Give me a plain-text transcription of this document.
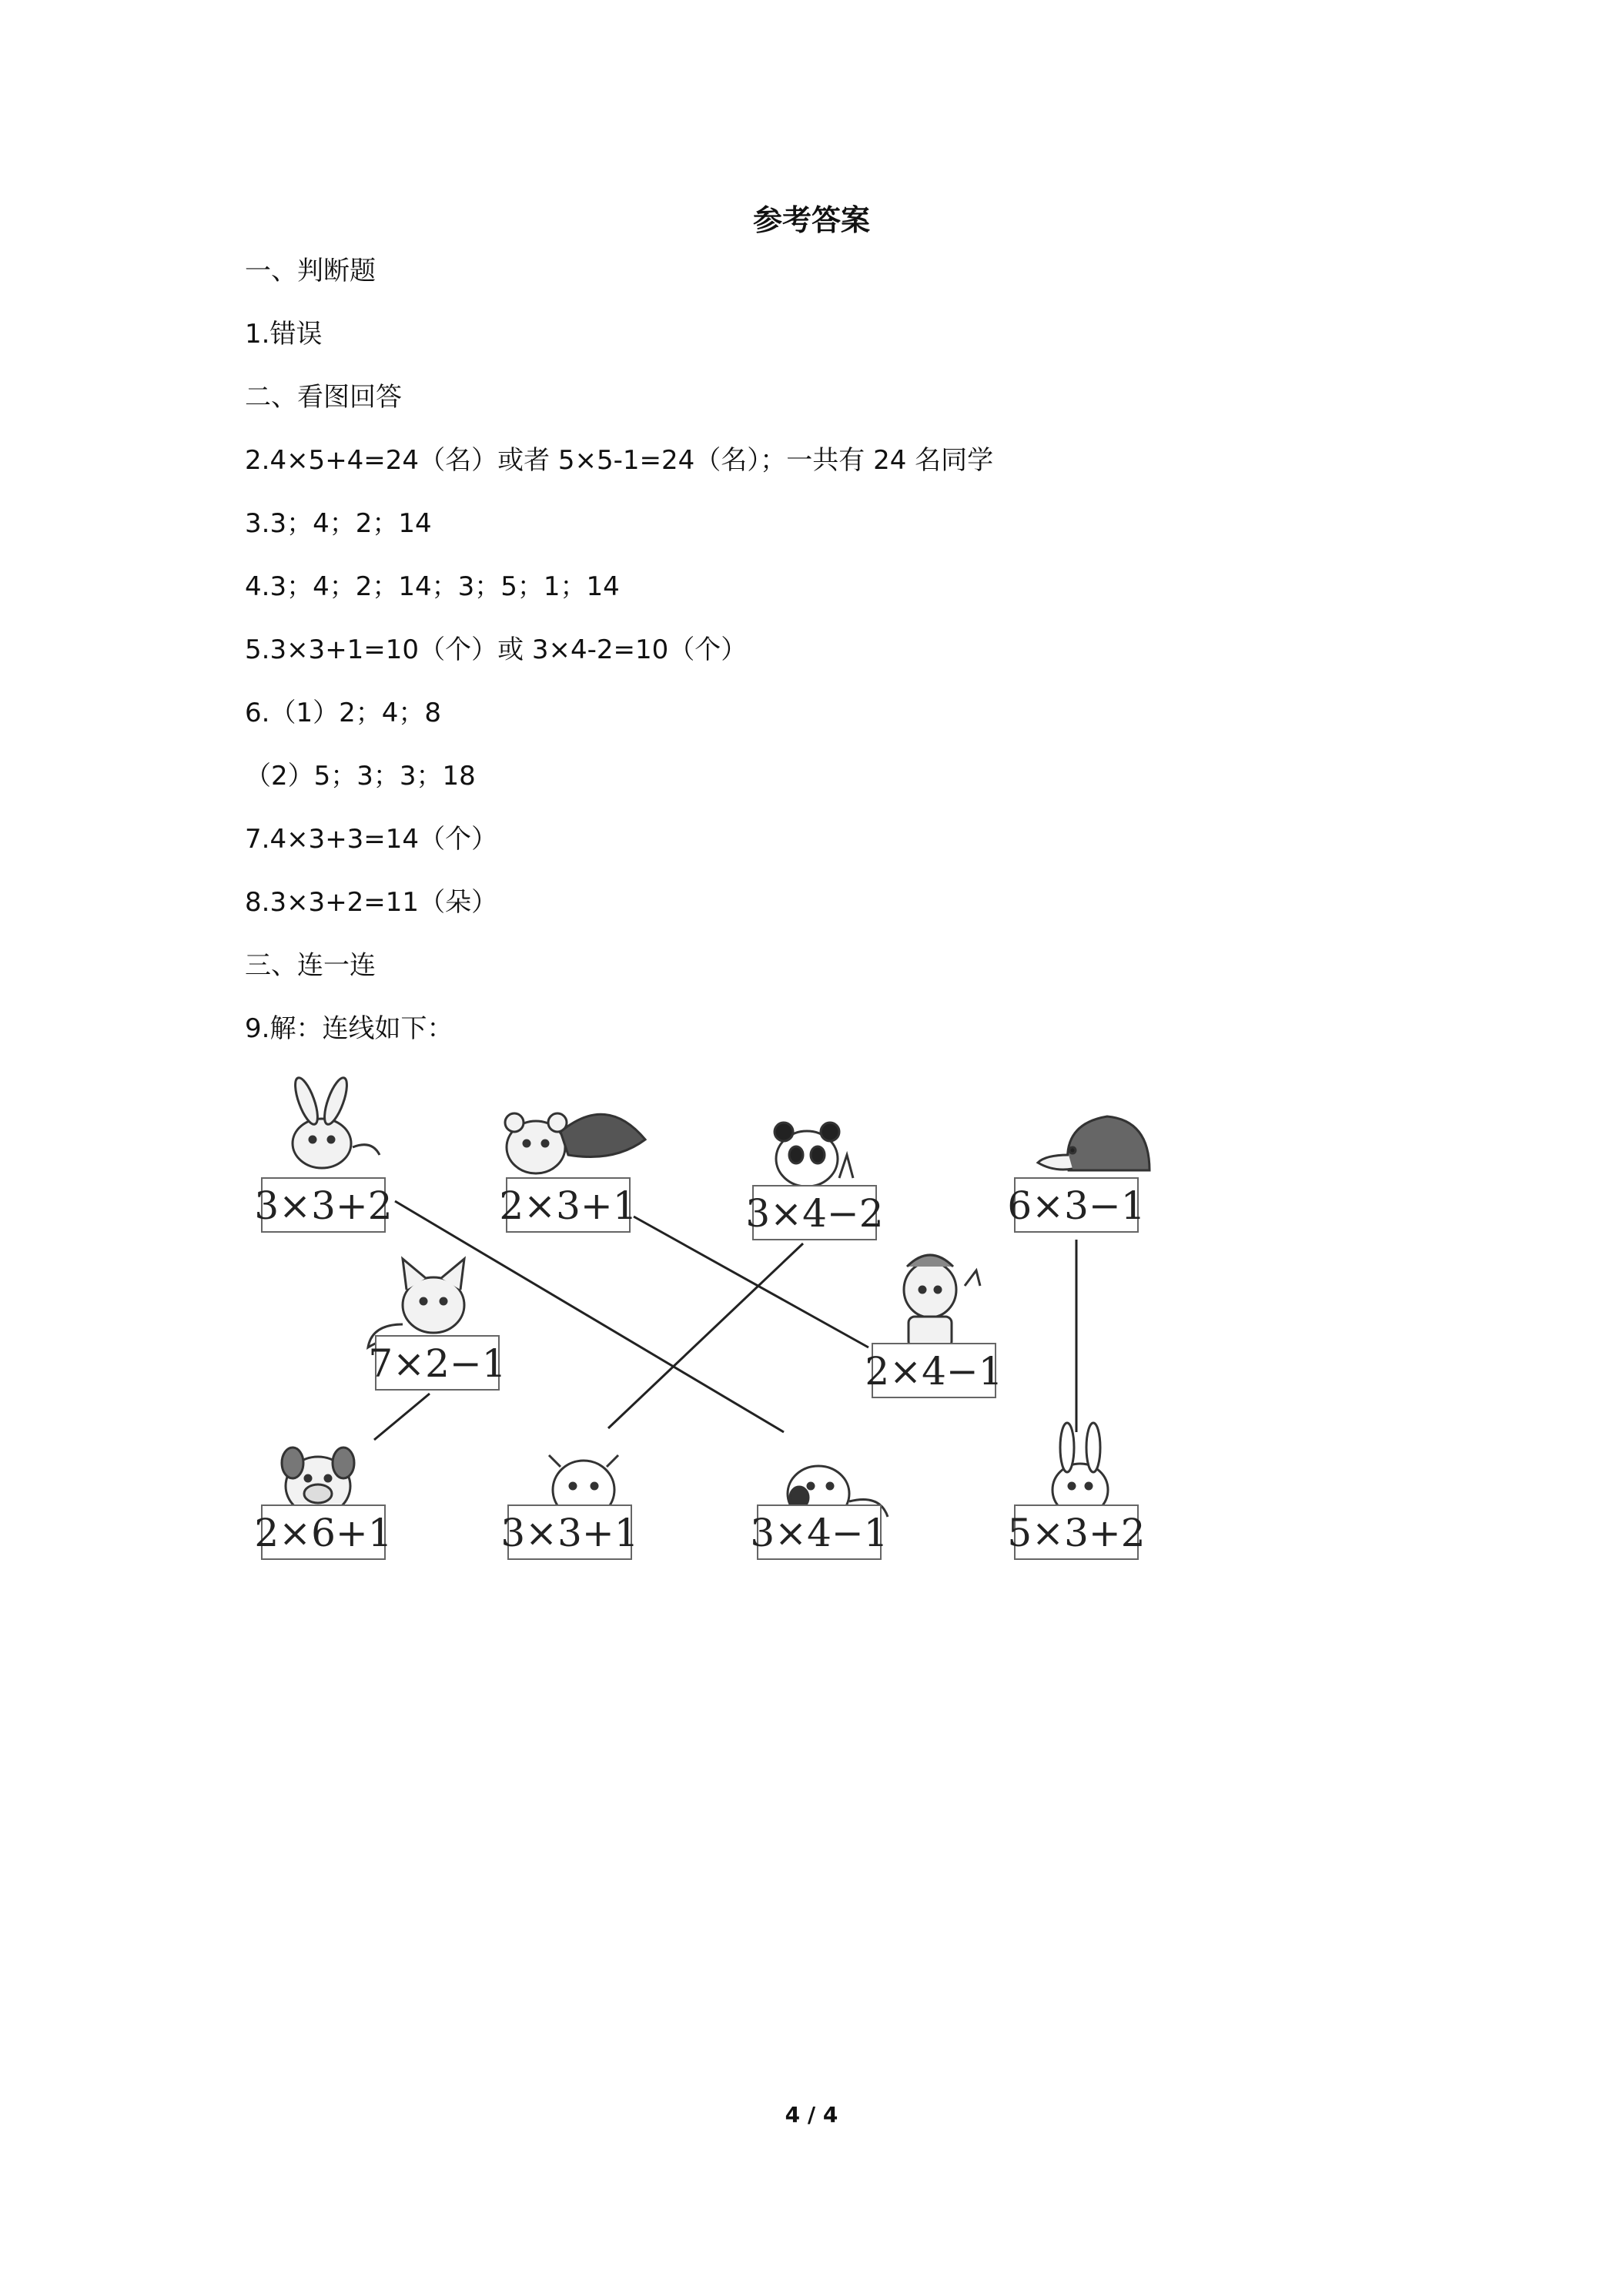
参考答案
一、判断题
1.错误
二、看图回答
2.4×5+4=24（名）或者 5×5-1=24（名）；一共有 24 名同学
3.3；4；2；14
4.3；4；2；14；3；5；1；14
5.3×3+1=10（个）或 3×4-2=10（个）
6.（1）2；4；8
（2）5；3；3；18
7.4×3+3=14（个）
8.3×3+2=11（朵）
三、连一连
9.解：连线如下：
3×3+2	2×3+1	3×4−2	6×3−1
7×2−1	2×4−1
2×6+1	3×3+1	3×4−1	5×3+2
4 / 4
